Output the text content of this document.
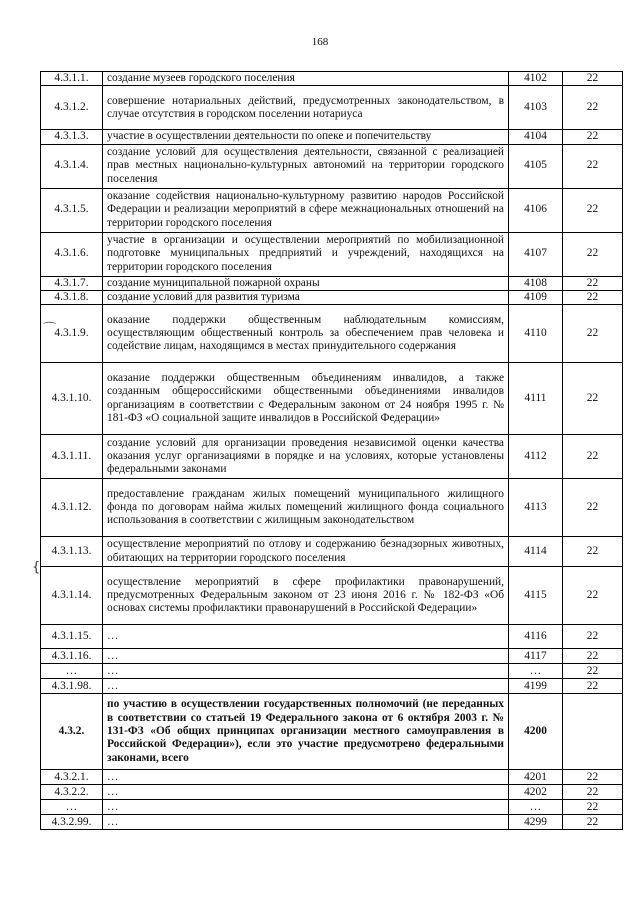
168
4.3.1.1.	создание музеев городского поселения	4102	22
4.3.1.2.	совершение нотариальных действий, предусмотренных законодательством, в случае отсутствия в городском поселении нотариуса	4103	22
4.3.1.3.	участие в осуществлении деятельности по опеке и попечительству	4104	22
4.3.1.4.	создание условий для осуществления деятельности, связанной с реализацией прав местных национально-культурных автономий на территории городского поселения	4105	22
4.3.1.5.	оказание содействия национально-культурному развитию народов Российской Федерации и реализации мероприятий в сфере межнациональных отношений на территории городского поселения	4106	22
4.3.1.6.	участие в организации и осуществлении мероприятий по мобилизационной подготовке муниципальных предприятий и учреждений, находящихся на территории городского поселения	4107	22
4.3.1.7.	создание муниципальной пожарной охраны	4108	22
4.3.1.8.	создание условий для развития туризма	4109	22
4.3.1.9.	оказание поддержки общественным наблюдательным комиссиям, осуществляющим общественный контроль за обеспечением прав человека и содействие лицам, находящимся в местах принудительного содержания	4110	22
4.3.1.10.	оказание поддержки общественным объединениям инвалидов, а также созданным общероссийскими общественными объединениями инвалидов организациям в соответствии с Федеральным законом от 24 ноября 1995 г. № 181-ФЗ «О социальной защите инвалидов в Российской Федерации»	4111	22
4.3.1.11.	создание условий для организации проведения независимой оценки качества оказания услуг организациями в порядке и на условиях, которые установлены федеральными законами	4112	22
4.3.1.12.	предоставление гражданам жилых помещений муниципального жилищного фонда по договорам найма жилых помещений жилищного фонда социального использования в соответствии с жилищным законодательством	4113	22
4.3.1.13.	осуществление мероприятий по отлову и содержанию безнадзорных животных, обитающих на территории городского поселения	4114	22
4.3.1.14.	осуществление мероприятий в сфере профилактики правонарушений, предусмотренных Федеральным законом от 23 июня 2016 г. № 182-ФЗ «Об основах системы профилактики правонарушений в Российской Федерации»	4115	22
4.3.1.15.	…	4116	22
4.3.1.16.	…	4117	22
…	…	…	22
4.3.1.98.	…	4199	22
4.3.2.	по участию в осуществлении государственных полномочий (не переданных в соответствии со статьей 19 Федерального закона от 6 октября 2003 г. № 131-ФЗ «Об общих принципах организации местного самоуправления в Российской Федерации»), если это участие предусмотрено федеральными законами, всего	4200	
4.3.2.1.	…	4201	22
4.3.2.2.	…	4202	22
…	…	…	22
4.3.2.99.	…	4299	22
⌒
{
